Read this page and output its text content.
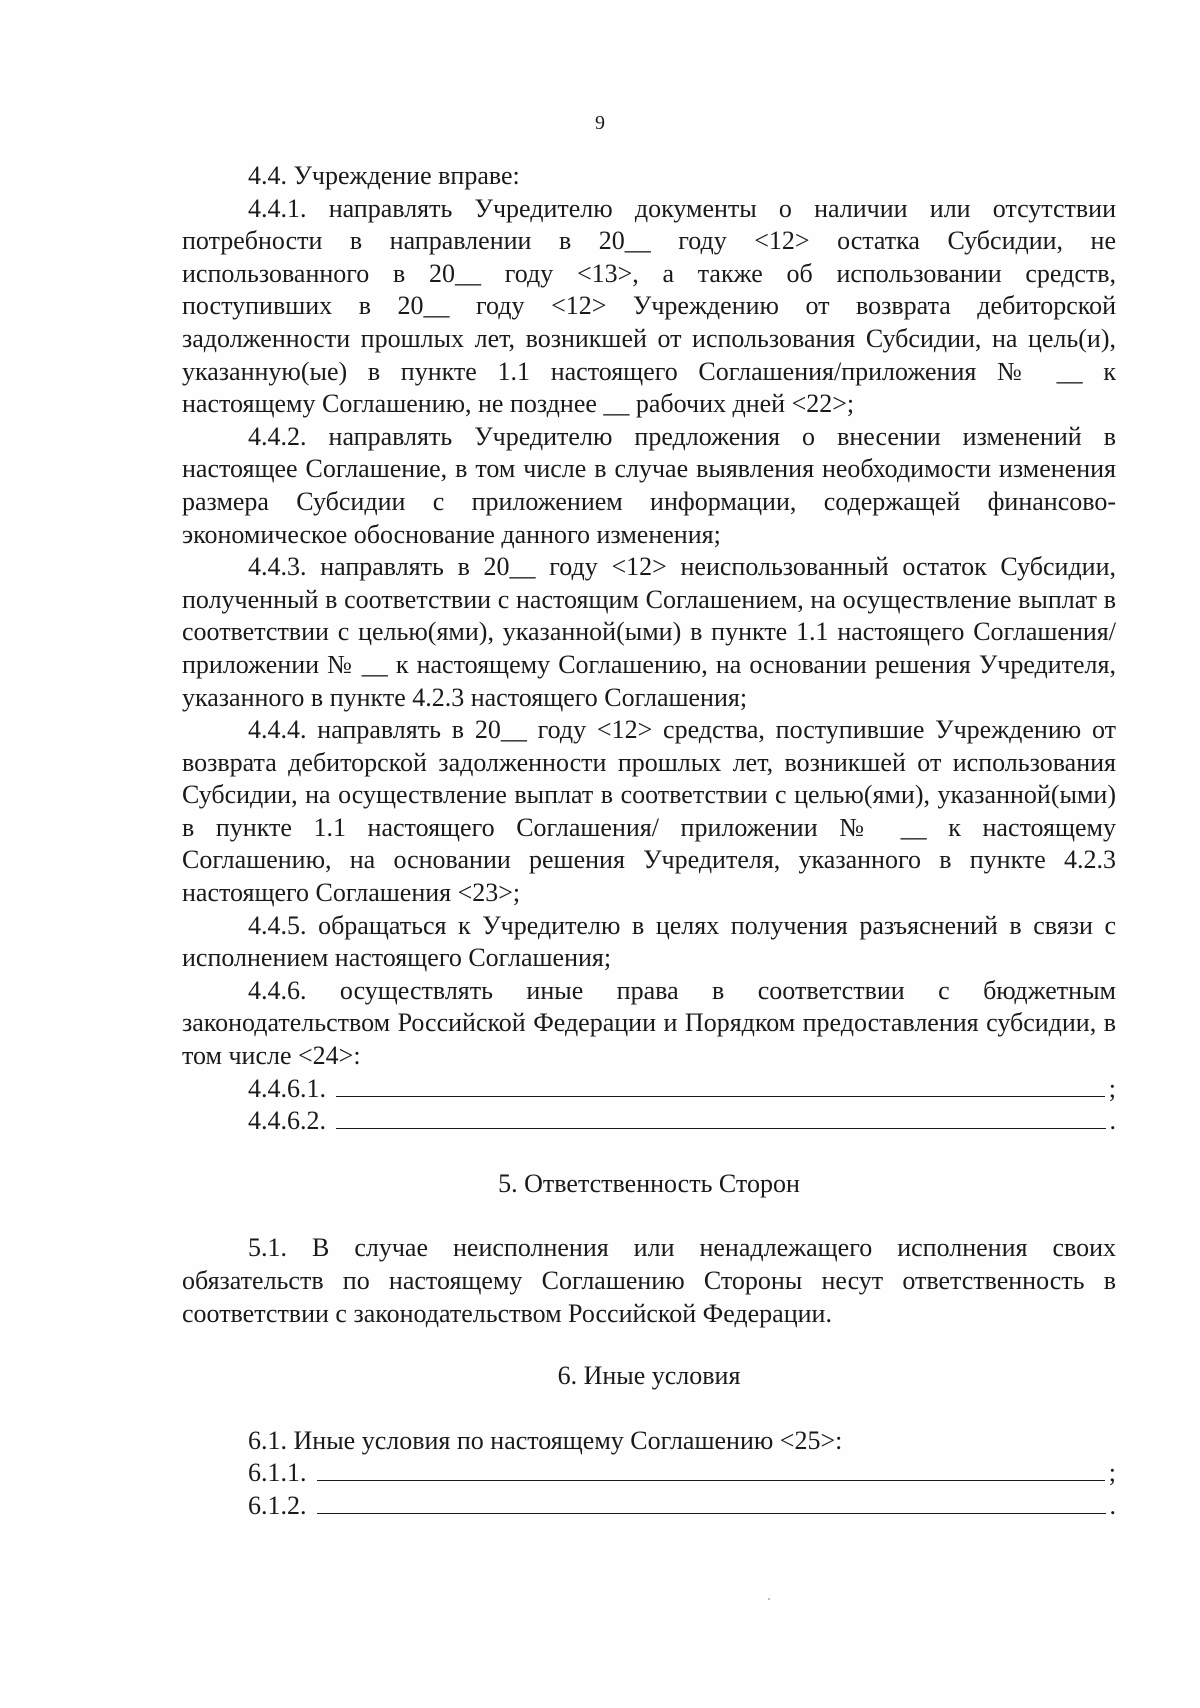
9

4.4. Учреждение вправе:

4.4.1. направлять Учредителю документы о наличии или отсутствии потребности в направлении в 20__ году <12> остатка Субсидии, не использованного в 20__ году <13>, а также об использовании средств, поступивших в 20__ году <12> Учреждению от возврата дебиторской задолженности прошлых лет, возникшей от использования Субсидии, на цель(и), указанную(ые) в пункте 1.1 настоящего Соглашения/приложения № __ к настоящему Соглашению, не позднее __ рабочих дней <22>;

4.4.2. направлять Учредителю предложения о внесении изменений в настоящее Соглашение, в том числе в случае выявления необходимости изменения размера Субсидии с приложением информации, содержащей финансово-экономическое обоснование данного изменения;

4.4.3. направлять в 20__ году <12> неиспользованный остаток Субсидии, полученный в соответствии с настоящим Соглашением, на осуществление выплат в соответствии с целью(ями), указанной(ыми) в пункте 1.1 настоящего Соглашения/приложении № __ к настоящему Соглашению, на основании решения Учредителя, указанного в пункте 4.2.3 настоящего Соглашения;

4.4.4. направлять в 20__ году <12> средства, поступившие Учреждению от возврата дебиторской задолженности прошлых лет, возникшей от использования Субсидии, на осуществление выплат в соответствии с целью(ями), указанной(ыми) в пункте 1.1 настоящего Соглашения/ приложении № __ к настоящему Соглашению, на основании решения Учредителя, указанного в пункте 4.2.3 настоящего Соглашения <23>;

4.4.5. обращаться к Учредителю в целях получения разъяснений в связи с исполнением настоящего Соглашения;

4.4.6. осуществлять иные права в соответствии с бюджетным законодательством Российской Федерации и Порядком предоставления субсидии, в том числе <24>:

4.4.6.1.	;
4.4.6.2.	.

5. Ответственность Сторон

5.1. В случае неисполнения или ненадлежащего исполнения своих обязательств по настоящему Соглашению Стороны несут ответственность в соответствии с законодательством Российской Федерации.

6. Иные условия

6.1. Иные условия по настоящему Соглашению <25>:

6.1.1.	;
6.1.2.	.
